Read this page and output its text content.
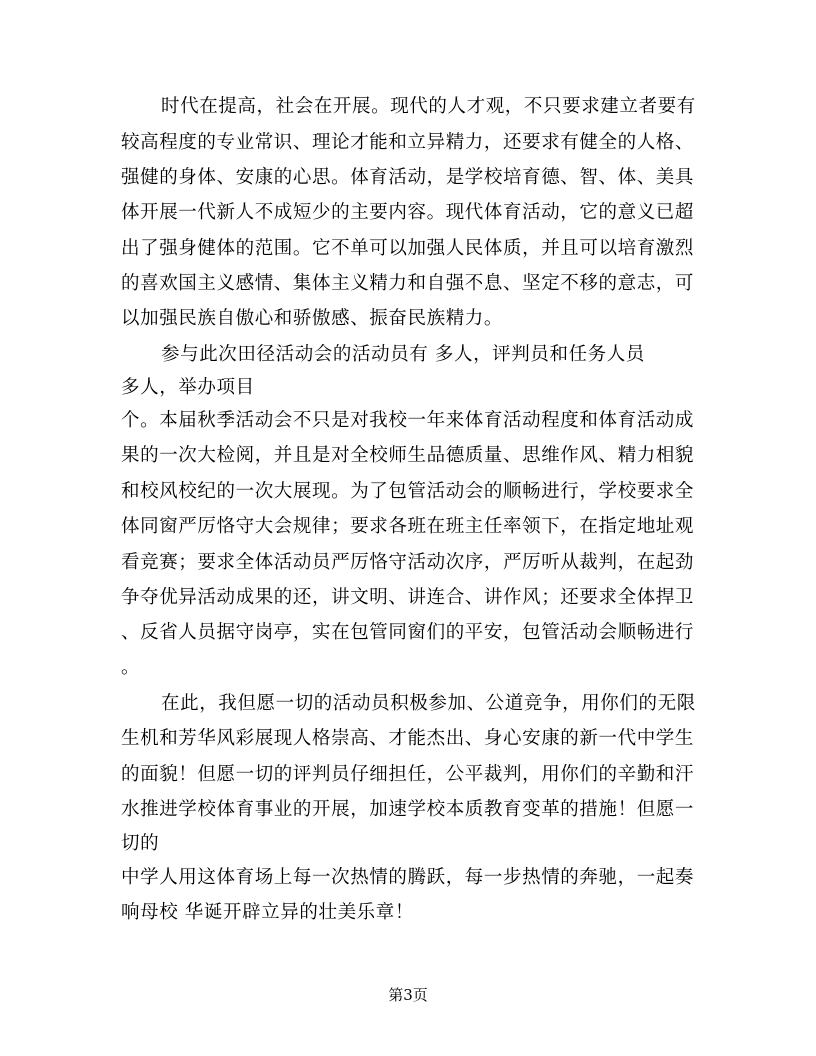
时代在提高，社会在开展。现代的人才观，不只要求建立者要有
较高程度的专业常识、理论才能和立异精力，还要求有健全的人格、
强健的身体、安康的心思。体育活动，是学校培育德、智、体、美具
体开展一代新人不成短少的主要内容。现代体育活动，它的意义已超
出了强身健体的范围。它不单可以加强人民体质，并且可以培育激烈
的喜欢国主义感情、集体主义精力和自强不息、坚定不移的意志，可
以加强民族自傲心和骄傲感、振奋民族精力。
参与此次田径活动会的活动员有 多人，评判员和任务人员
多人，举办项目
个。本届秋季活动会不只是对我校一年来体育活动程度和体育活动成
果的一次大检阅，并且是对全校师生品德质量、思维作风、精力相貌
和校风校纪的一次大展现。为了包管活动会的顺畅进行，学校要求全
体同窗严厉恪守大会规律；要求各班在班主任率领下，在指定地址观
看竞赛；要求全体活动员严厉恪守活动次序，严厉听从裁判，在起劲
争夺优异活动成果的还，讲文明、讲连合、讲作风；还要求全体捍卫
、反省人员据守岗亭，实在包管同窗们的平安，包管活动会顺畅进行
。
在此，我但愿一切的活动员积极参加、公道竞争，用你们的无限
生机和芳华风彩展现人格崇高、才能杰出、身心安康的新一代中学生
的面貌！但愿一切的评判员仔细担任，公平裁判，用你们的辛勤和汗
水推进学校体育事业的开展，加速学校本质教育变革的措施！但愿一
切的
中学人用这体育场上每一次热情的腾跃，每一步热情的奔驰，一起奏
响母校 华诞开辟立异的壮美乐章！
第3页
